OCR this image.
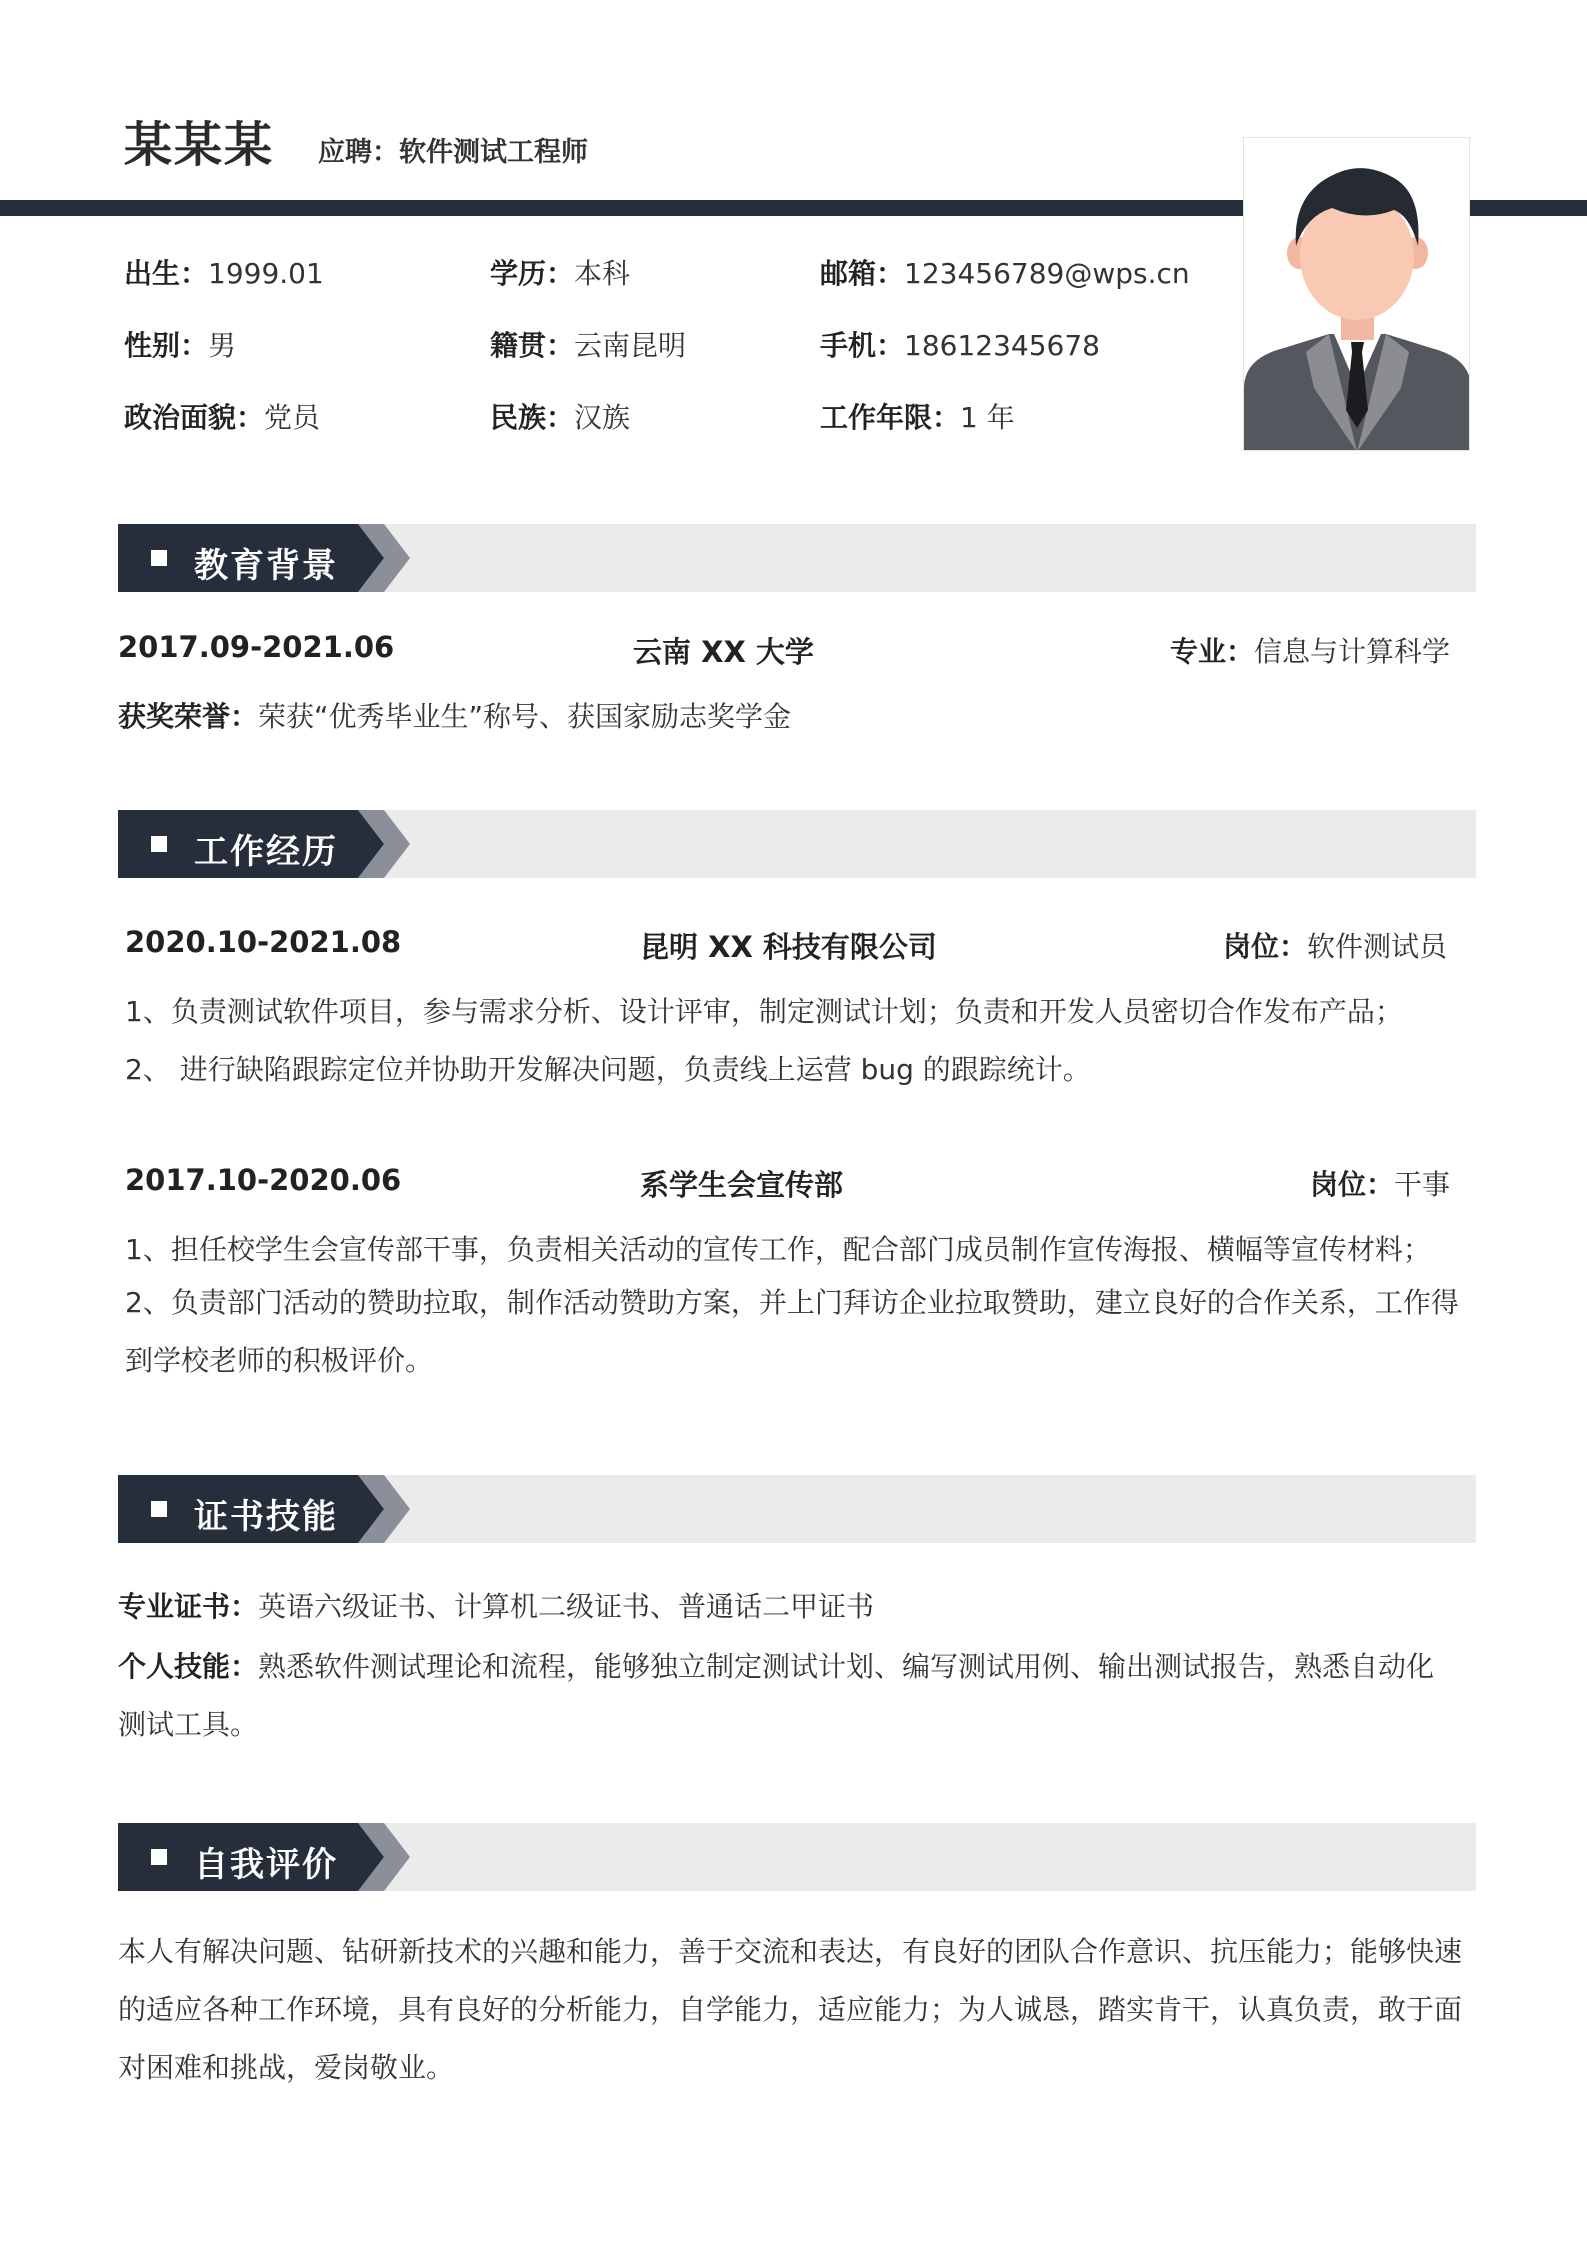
某某某 应聘：软件测试工程师
出生：1999.01	学历：本科	邮箱：123456789@wps.cn
性别：男	籍贯：云南昆明	手机：18612345678
政治面貌：党员	民族：汉族	工作年限：1 年
教育背景
2017.09-2021.06	云南 XX 大学	专业：信息与计算科学
获奖荣誉：荣获“优秀毕业生”称号、获国家励志奖学金
工作经历
2020.10-2021.08	昆明 XX 科技有限公司	岗位：软件测试员
1、负责测试软件项目，参与需求分析、设计评审，制定测试计划；负责和开发人员密切合作发布产品；
2、 进行缺陷跟踪定位并协助开发解决问题，负责线上运营 bug 的跟踪统计。
2017.10-2020.06	系学生会宣传部	岗位：干事
1、担任校学生会宣传部干事，负责相关活动的宣传工作，配合部门成员制作宣传海报、横幅等宣传材料；
2、负责部门活动的赞助拉取，制作活动赞助方案，并上门拜访企业拉取赞助，建立良好的合作关系，工作得到学校老师的积极评价。
证书技能
专业证书：英语六级证书、计算机二级证书、普通话二甲证书
个人技能：熟悉软件测试理论和流程，能够独立制定测试计划、编写测试用例、输出测试报告，熟悉自动化测试工具。
自我评价
本人有解决问题、钻研新技术的兴趣和能力，善于交流和表达，有良好的团队合作意识、抗压能力；能够快速的适应各种工作环境，具有良好的分析能力，自学能力，适应能力；为人诚恳，踏实肯干，认真负责，敢于面对困难和挑战，爱岗敬业。
